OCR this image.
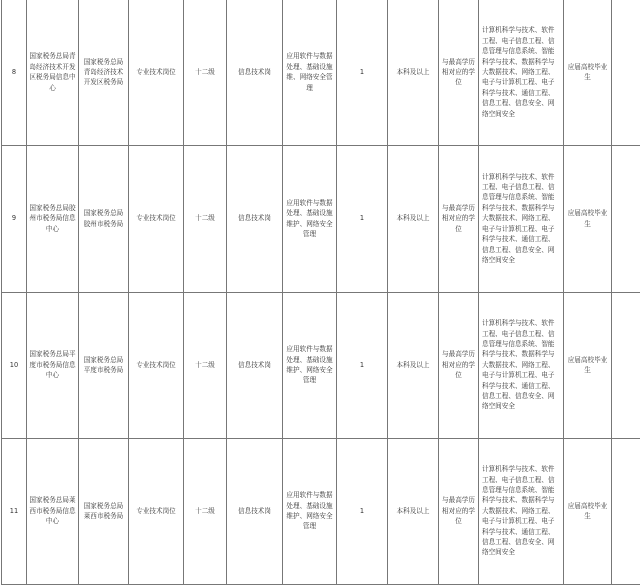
8	国家税务总局青岛经济技术开发区税务局信息中心	国家税务总局青岛经济技术开发区税务局	专业技术岗位	十二级	信息技术岗	应用软件与数据处理、基础设施维、网络安全管理	1	本科及以上	与最高学历相对应的学位	计算机科学与技术、软件工程、电子信息工程、信息管理与信息系统、智能科学与技术、数据科学与大数据技术、网络工程、电子与计算机工程、电子科学与技术、通信工程、信息工程、信息安全、网络空间安全	应届高校毕业生	
9	国家税务总局胶州市税务局信息中心	国家税务总局胶州市税务局	专业技术岗位	十二级	信息技术岗	应用软件与数据处理、基础设施维护、网络安全管理	1	本科及以上	与最高学历相对应的学位	计算机科学与技术、软件工程、电子信息工程、信息管理与信息系统、智能科学与技术、数据科学与大数据技术、网络工程、电子与计算机工程、电子科学与技术、通信工程、信息工程、信息安全、网络空间安全	应届高校毕业生	
10	国家税务总局平度市税务局信息中心	国家税务总局平度市税务局	专业技术岗位	十二级	信息技术岗	应用软件与数据处理、基础设施维护、网络安全管理	1	本科及以上	与最高学历相对应的学位	计算机科学与技术、软件工程、电子信息工程、信息管理与信息系统、智能科学与技术、数据科学与大数据技术、网络工程、电子与计算机工程、电子科学与技术、通信工程、信息工程、信息安全、网络空间安全	应届高校毕业生	
11	国家税务总局莱西市税务局信息中心	国家税务总局莱西市税务局	专业技术岗位	十二级	信息技术岗	应用软件与数据处理、基础设施维护、网络安全管理	1	本科及以上	与最高学历相对应的学位	计算机科学与技术、软件工程、电子信息工程、信息管理与信息系统、智能科学与技术、数据科学与大数据技术、网络工程、电子与计算机工程、电子科学与技术、通信工程、信息工程、信息安全、网络空间安全	应届高校毕业生	
